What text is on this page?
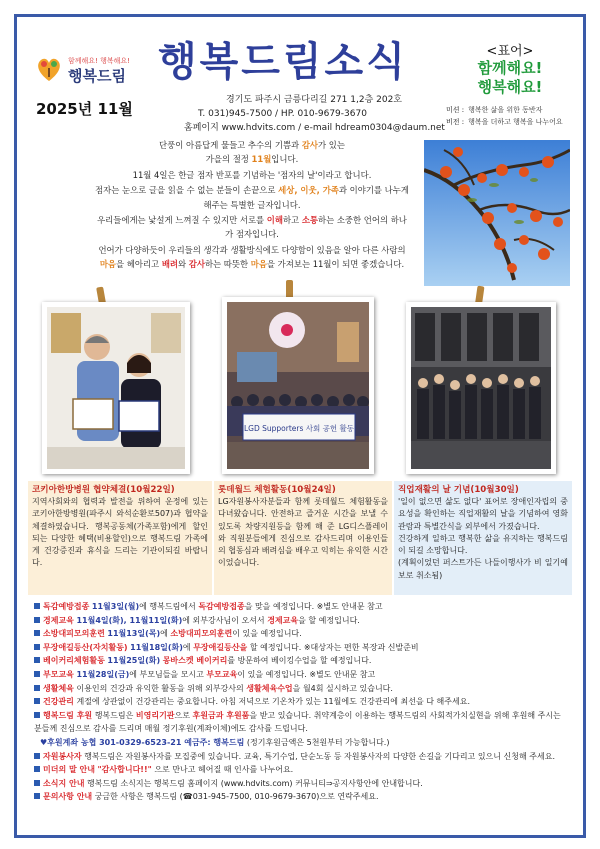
함께해요! 행복해요!
행복드림 행복드림소식
2025년 11월	경기도 파주시 금릉다리길 271 1,2층 202호
T. 031)945-7500 / HP. 010-9679-3670
홈페이지 www.hdvits.com / e-mail hdream0304@daum.net
<표어>
함께해요!
행복해요!
미션 : 행복한 삶을 위한 동반자
비전 : 행복을 더하고 행복을 나누어요

단풍이 아름답게 물들고 추수의 기쁨과 감사가 있는
가을의 절정 11월입니다.

11월 4일은 한글 점자 반포를 기념하는 '점자의 날'이라고 합니다.

점자는 눈으로 글을 읽을 수 없는 분들이 손끝으로 세상, 이웃, 가족과 이야기를 나누게 해주는 특별한 글자입니다.

우리들에게는 낯설게 느껴질 수 있지만 서로를 이해하고 소통하는 소중한 언어의 하나가 점자입니다.

언어가 다양하듯이 우리들의 생각과 생활방식에도 다양함이 있음을 알아 다른 사람의 마음을 헤아리고 배려와 감사하는 따뜻한 마음을 가져보는 11월이 되면 좋겠습니다.

LGD Supporters 사회 공헌 활동
코키아한방병원 협약체결(10월22일)
지역사회와의 협력과 발전을 위하여 운정에 있는 코키아한방병원(파주시 와석순환로507)과 협약을 체결하였습니다. 행복공동체(가족포함)에게 할인되는 다양한 혜택(비용할인)으로 행복드림 가족에게 건강증진과 휴식을 드리는 기관이되길 바랍니다.
롯데월드 체험활동(10월24일)
LG자원봉사자분들과 함께 롯데월드 체험활동을 다녀왔습니다. 안전하고 즐거운 시간을 보낼 수 있도록 차량지원등을 함께 해 준 LG디스플레이와 직원분들에게 진심으로 감사드리며 이용인들의 협동심과 배려심을 배우고 익히는 유익한 시간이었습니다.
직업재활의 날 기념(10월30일)
'일이 없으면 삶도 없다' 표어로 장애인자립의 중요성을 확인하는 직업재활의 날을 기념하여 영화관람과 특별간식을 외부에서 가졌습니다.
건강하게 일하고 행복한 삶을 유지하는 행복드림이 되길 소망합니다.
(계획이었던 퍼스트가든 나들이행사가 비 일기예보로 취소됨)
독감예방접종 11월3일(월)에 행복드림에서 독감예방접종을 맞을 예정입니다. ※별도 안내문 참고
경제교육 11월4일(화), 11월11일(화)에 외부강사님이 오셔서 경제교육을 할 예정입니다.
소방대피모의훈련 11월13일(목)에 소방대피모의훈련이 있을 예정입니다.
무장애길등산(자치활동) 11월18일(화)에 무장애길등산을 할 예정입니다. ※대상자는 편한 복장과 신발준비
베이커리체험활동 11월25일(화) 몽바스켓 베이커리를 방문하여 베이킹수업을 할 예정입니다.
부모교육 11월28일(금)에 부모님들을 모시고 부모교육이 있을 예정입니다. ※별도 안내문 참고
생활체육 이용인의 건강과 유익한 활동을 위해 외부강사의 생활체육수업을 월4회 실시하고 있습니다.
건강관리 계절에 상관없이 건강관리는 중요합니다. 아침 저녁으로 기온차가 있는 11월에도 건강관리에 최선을 다 해주세요.
행복드림 후원 행복드림은 비영리기관으로 후원금과 후원품을 받고 있습니다. 취약계층이 이용하는 행복드림의 사회적가치실현을 위해 후원해 주시는 분들께 진심으로 감사를 드리며 매월 정기후원(계좌이체)에도 감사를 드립니다.
♥후원계좌 농협 301-0329-6523-21 예금주: 행복드림 (정기후원금액은 5천원부터 가능합니다.)
자원봉사자 행복드림은 자원봉사자를 모집중에 있습니다. 교육, 특기수업, 단순노동 등 자원봉사자의 다양한 손길을 기다리고 있으니 신청해 주세요.
미더의 말 안내 "감사합니다!!" 으로 만나고 헤어질 때 인사를 나누어요.
소식지 안내 행복드림 소식지는 행복드림 홈페이지 (www.hdvits.com) 커뮤니티⇒공지사항안에 안내합니다.
문의사항 안내 궁금한 사항은 행복드림 (☎031-945-7500, 010-9679-3670)으로 연락주세요.
